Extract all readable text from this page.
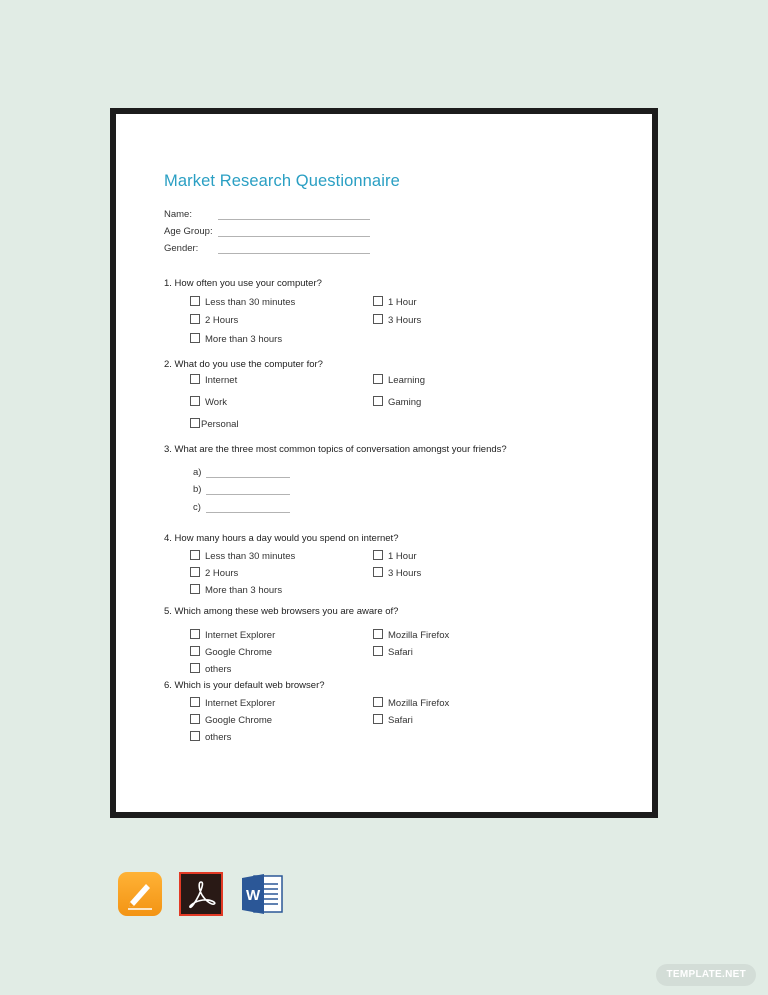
Market Research Questionnaire
Name:
Age Group:
Gender:
1. How often you use your computer?
Less than 30 minutes	1 Hour
2 Hours	3 Hours
More than 3 hours
2. What do you use the computer for?
Internet	Learning
Work	Gaming
Personal
3. What are the three most common topics of conversation amongst your friends?
a)
b)
c)
4. How many hours a day would you spend on internet?
Less than 30 minutes	1 Hour
2 Hours	3 Hours
More than 3 hours
5. Which among these web browsers you are aware of?
Internet Explorer	Mozilla Firefox
Google Chrome	Safari
others
6. Which is your default web browser?
Internet Explorer	Mozilla Firefox
Google Chrome	Safari
others
W
TEMPLATE.NET
